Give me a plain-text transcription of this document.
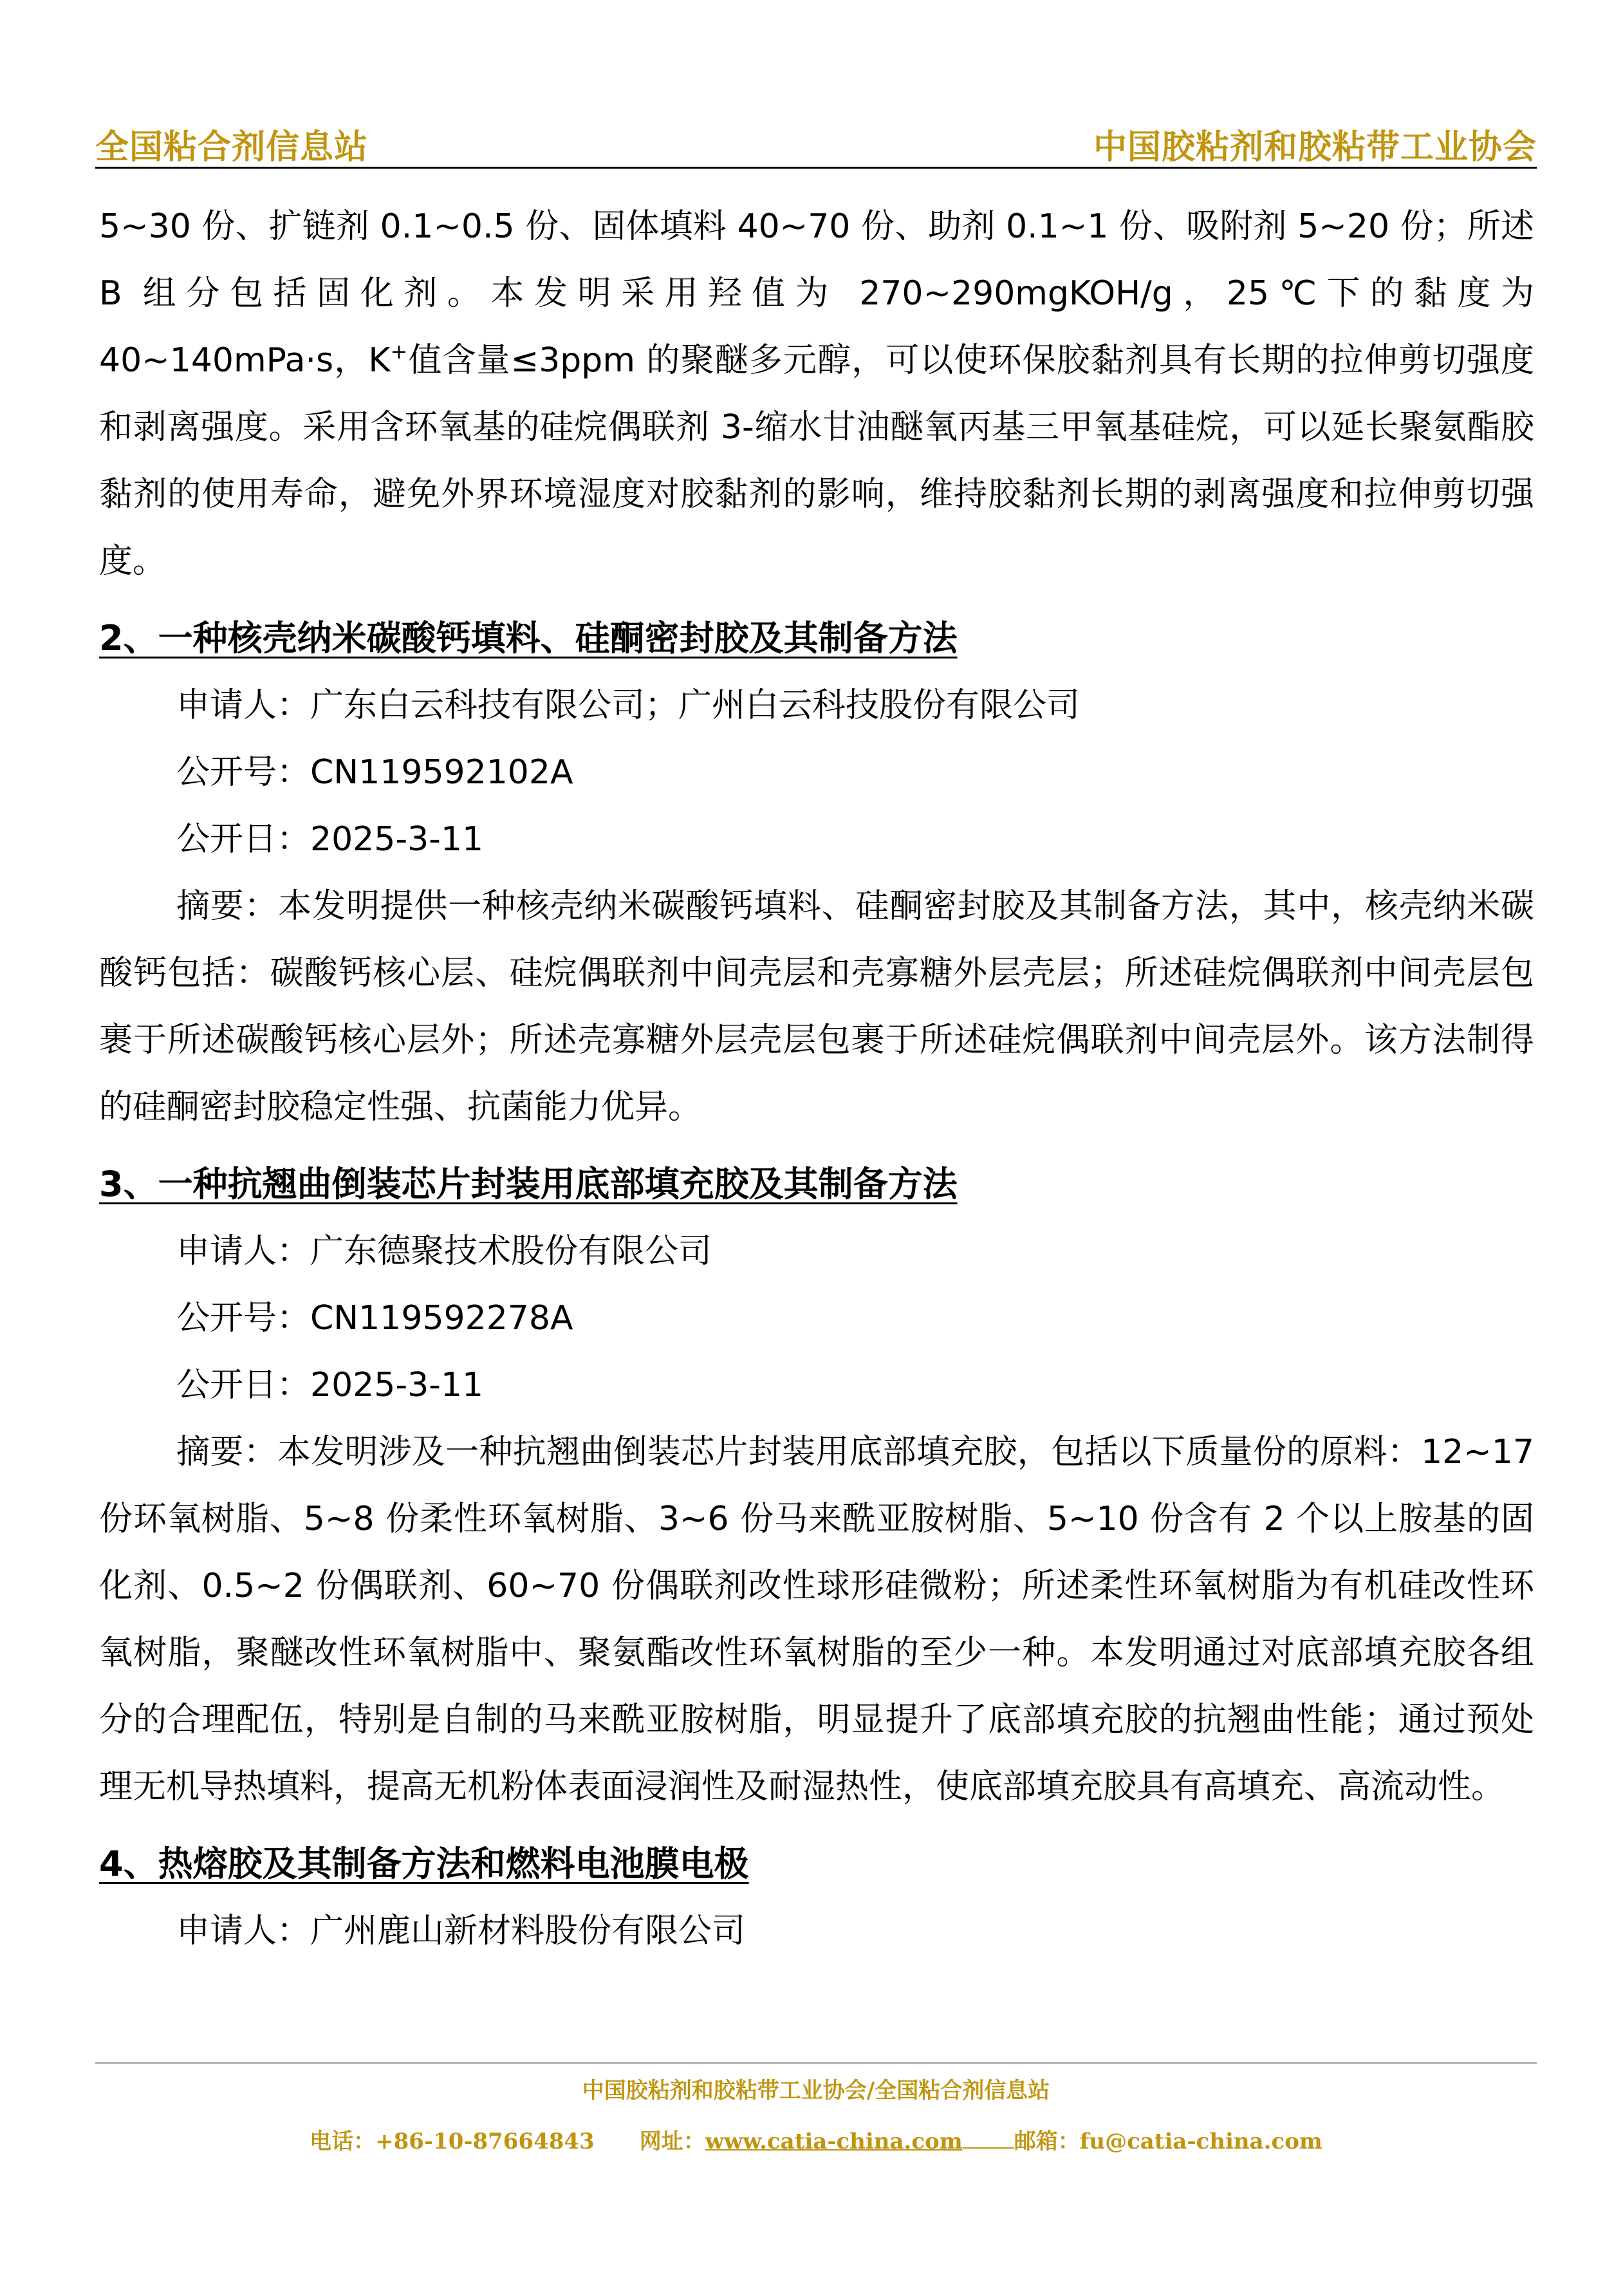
全国粘合剂信息站	中国胶粘剂和胶粘带工业协会

5~30 份、扩链剂 0.1~0.5 份、固体填料 40~70 份、助剂 0.1~1 份、吸附剂 5~20 份；所述 B 组分包括固化剂。本发明采用羟值为 270~290mgKOH/g，25℃下的黏度为 40~140mPa·s，K+值含量≤3ppm 的聚醚多元醇，可以使环保胶黏剂具有长期的拉伸剪切强度和剥离强度。采用含环氧基的硅烷偶联剂 3-缩水甘油醚氧丙基三甲氧基硅烷，可以延长聚氨酯胶黏剂的使用寿命，避免外界环境湿度对胶黏剂的影响，维持胶黏剂长期的剥离强度和拉伸剪切强度。

2、一种核壳纳米碳酸钙填料、硅酮密封胶及其制备方法

申请人：广东白云科技有限公司；广州白云科技股份有限公司

公开号：CN119592102A

公开日：2025-3-11

摘要：本发明提供一种核壳纳米碳酸钙填料、硅酮密封胶及其制备方法，其中，核壳纳米碳酸钙包括：碳酸钙核心层、硅烷偶联剂中间壳层和壳寡糖外层壳层；所述硅烷偶联剂中间壳层包裹于所述碳酸钙核心层外；所述壳寡糖外层壳层包裹于所述硅烷偶联剂中间壳层外。该方法制得的硅酮密封胶稳定性强、抗菌能力优异。

3、一种抗翘曲倒装芯片封装用底部填充胶及其制备方法

申请人：广东德聚技术股份有限公司

公开号：CN119592278A

公开日：2025-3-11

摘要：本发明涉及一种抗翘曲倒装芯片封装用底部填充胶，包括以下质量份的原料：12~17 份环氧树脂、5~8 份柔性环氧树脂、3~6 份马来酰亚胺树脂、5~10 份含有 2 个以上胺基的固化剂、0.5~2 份偶联剂、60~70 份偶联剂改性球形硅微粉；所述柔性环氧树脂为有机硅改性环氧树脂，聚醚改性环氧树脂中、聚氨酯改性环氧树脂的至少一种。本发明通过对底部填充胶各组分的合理配伍，特别是自制的马来酰亚胺树脂，明显提升了底部填充胶的抗翘曲性能；通过预处理无机导热填料，提高无机粉体表面浸润性及耐湿热性，使底部填充胶具有高填充、高流动性。

4、热熔胶及其制备方法和燃料电池膜电极

申请人：广州鹿山新材料股份有限公司

中国胶粘剂和胶粘带工业协会/全国粘合剂信息站
电话：+86-10-87664843 网址：www.catia-china.com 邮箱：fu@catia-china.com
